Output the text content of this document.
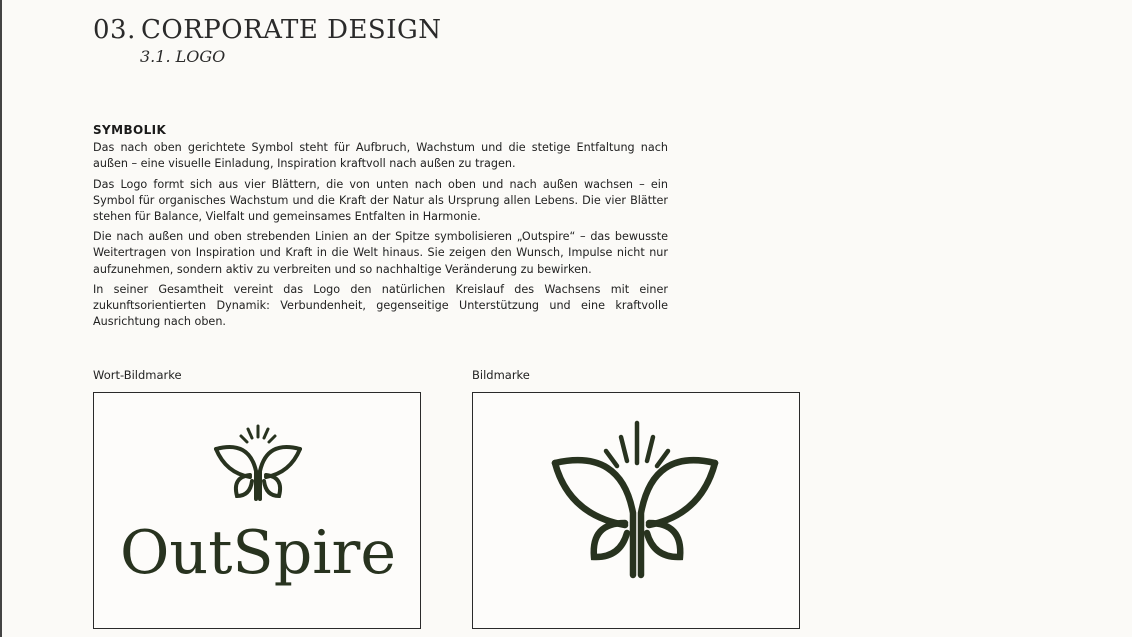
03. CORPORATE DESIGN
3.1. LOGO
SYMBOLIK

Das nach oben gerichtete Symbol steht für Aufbruch, Wachstum und die stetige Entfaltung nach außen – eine visuelle Einladung, Inspiration kraftvoll nach außen zu tragen.

Das Logo formt sich aus vier Blättern, die von unten nach oben und nach außen wachsen – ein Symbol für organisches Wachstum und die Kraft der Natur als Ursprung allen Lebens. Die vier Blätter stehen für Balance, Vielfalt und gemeinsames Entfalten in Harmonie.

Die nach außen und oben strebenden Linien an der Spitze symbolisieren „Outspire“ – das bewusste Weitertragen von Inspiration und Kraft in die Welt hinaus. Sie zeigen den Wunsch, Impulse nicht nur aufzunehmen, sondern aktiv zu verbreiten und so nachhaltige Veränderung zu bewirken.

In seiner Gesamtheit vereint das Logo den natürlichen Kreislauf des Wachsens mit einer zukunftsorientierten Dynamik: Verbundenheit, gegenseitige Unterstützung und eine kraftvolle Ausrichtung nach oben.

Wort-Bildmarke	Bildmarke
OutSpire
